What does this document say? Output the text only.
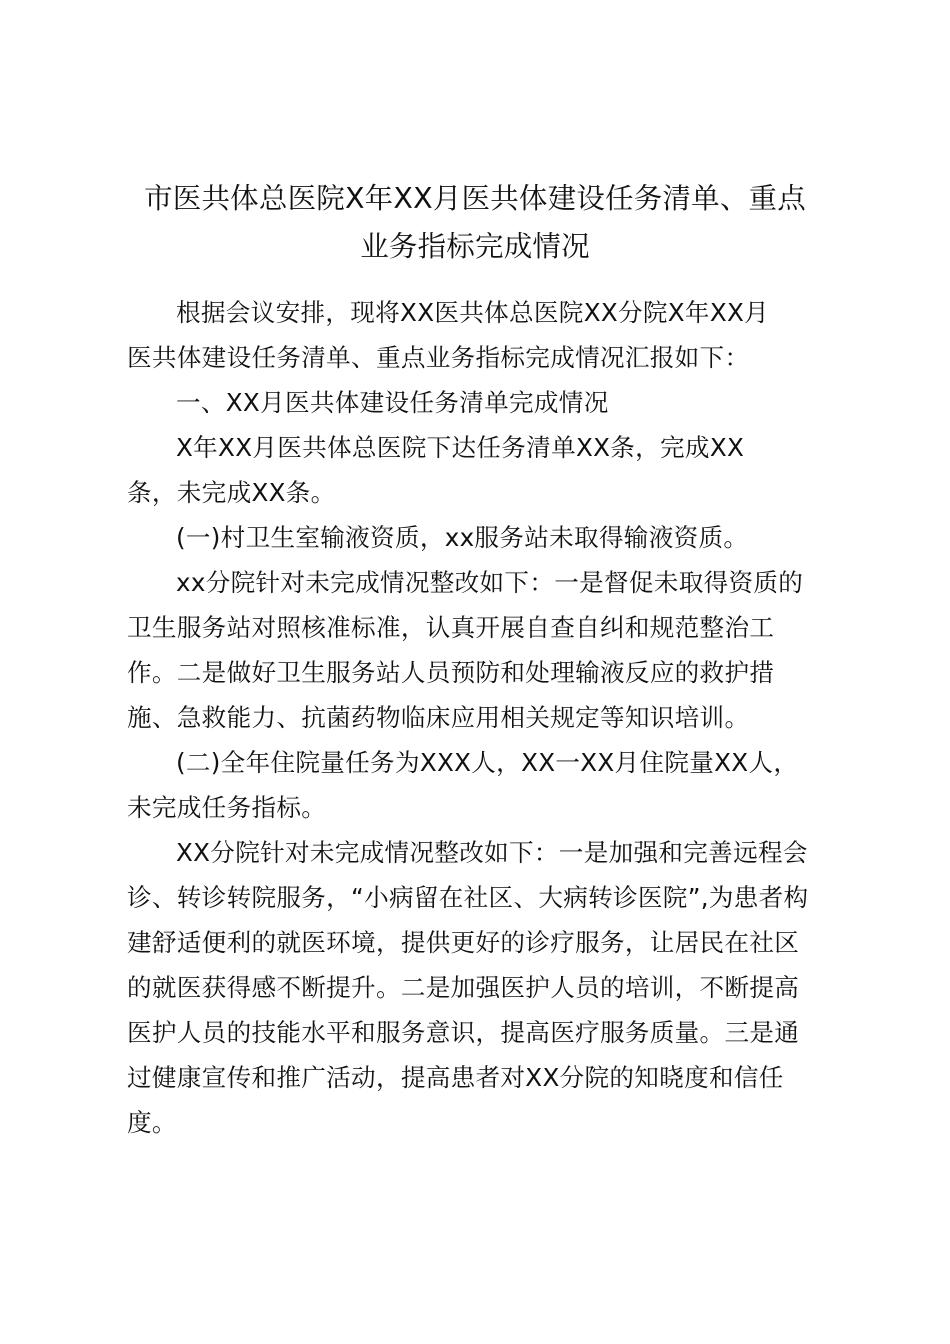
市医共体总医院X年XX月医共体建设任务清单、重点
业务指标完成情况
根据会议安排，现将XX医共体总医院XX分院X年XX月
医共体建设任务清单、重点业务指标完成情况汇报如下：
一、XX月医共体建设任务清单完成情况
X年XX月医共体总医院下达任务清单XX条，完成XX
条，未完成XX条。
(一)村卫生室输液资质，xx服务站未取得输液资质。
xx分院针对未完成情况整改如下：一是督促未取得资质的
卫生服务站对照核准标准，认真开展自查自纠和规范整治工
作。二是做好卫生服务站人员预防和处理输液反应的救护措
施、急救能力、抗菌药物临床应用相关规定等知识培训。
(二)全年住院量任务为XXX人，XX一XX月住院量XX人，
未完成任务指标。
XX分院针对未完成情况整改如下：一是加强和完善远程会
诊、转诊转院服务，“小病留在社区、大病转诊医院”,为患者构
建舒适便利的就医环境，提供更好的诊疗服务，让居民在社区
的就医获得感不断提升。二是加强医护人员的培训，不断提高
医护人员的技能水平和服务意识，提高医疗服务质量。三是通
过健康宣传和推广活动，提高患者对XX分院的知晓度和信任
度。
